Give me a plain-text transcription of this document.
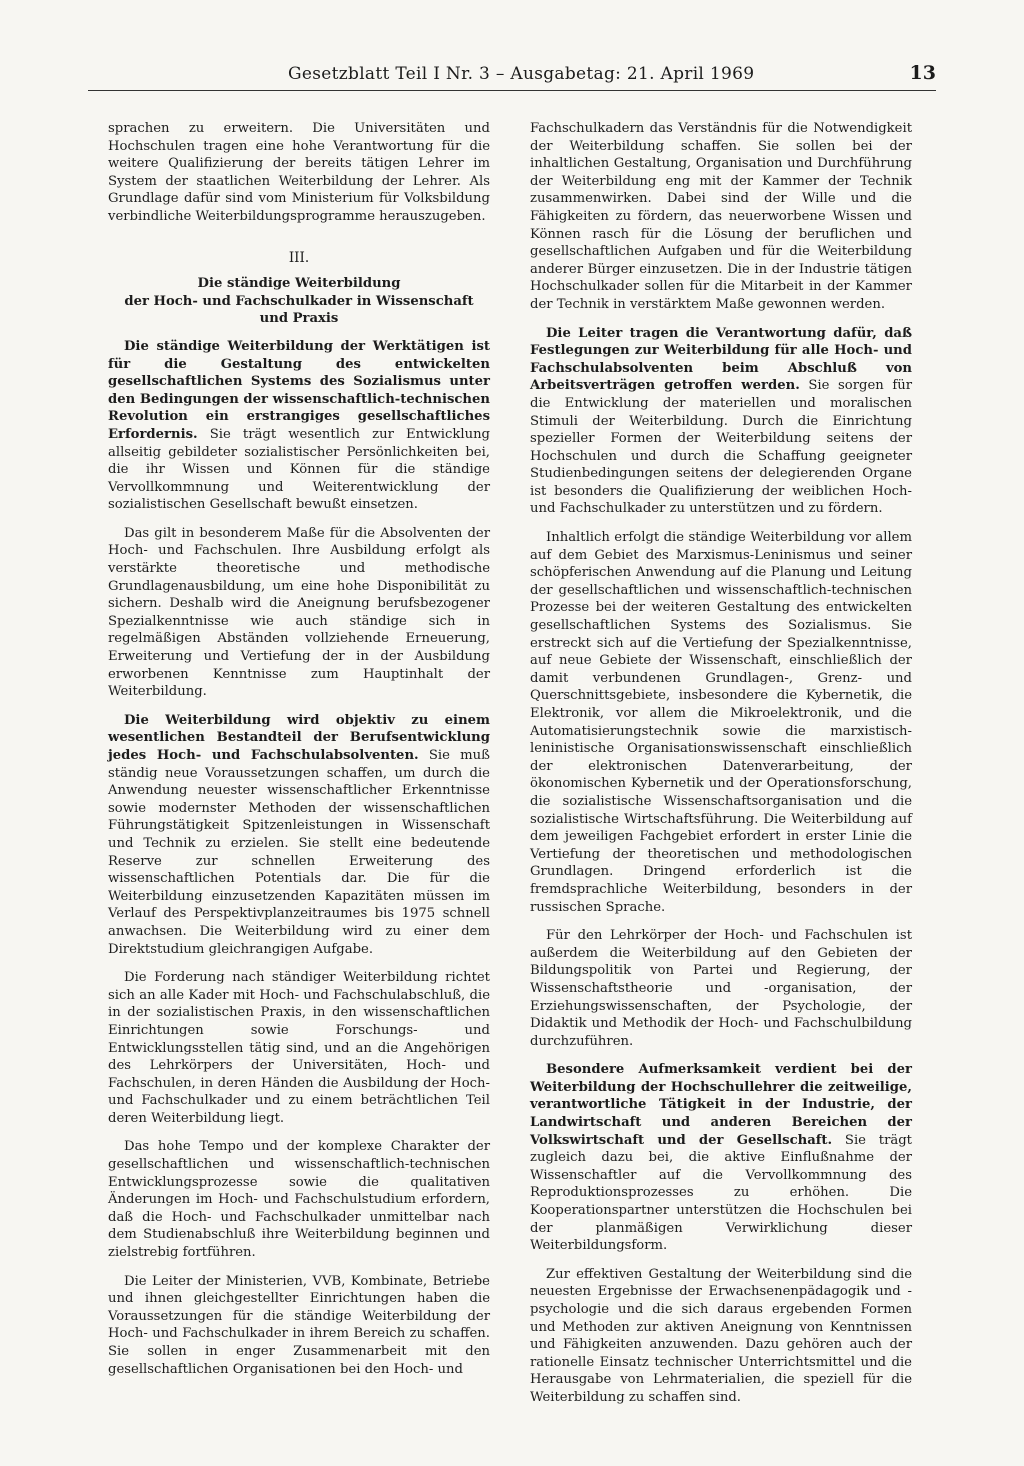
Gesetzblatt Teil I Nr. 3 – Ausgabetag: 21. April 1969	13

sprachen zu erweitern. Die Universitäten und Hochschulen tragen eine hohe Verantwortung für die weitere Qualifizierung der bereits tätigen Lehrer im System der staatlichen Weiterbildung der Lehrer. Als Grundlage dafür sind vom Ministerium für Volksbildung verbindliche Weiterbildungsprogramme herauszugeben.

III.
Die ständige Weiterbildung
der Hoch- und Fachschulkader in Wissenschaft
und Praxis

Die ständige Weiterbildung der Werktätigen ist für die Gestaltung des entwickelten gesellschaftlichen Systems des Sozialismus unter den Bedingungen der wissenschaftlich-technischen Revolution ein erstrangiges gesellschaftliches Erfordernis. Sie trägt wesentlich zur Entwicklung allseitig gebildeter sozialistischer Persönlichkeiten bei, die ihr Wissen und Können für die ständige Vervollkommnung und Weiterentwicklung der sozialistischen Gesellschaft bewußt einsetzen.

Das gilt in besonderem Maße für die Absolventen der Hoch- und Fachschulen. Ihre Ausbildung erfolgt als verstärkte theoretische und methodische Grundlagenausbildung, um eine hohe Disponibilität zu sichern. Deshalb wird die Aneignung berufsbezogener Spezialkenntnisse wie auch ständige sich in regelmäßigen Abständen vollziehende Erneuerung, Erweiterung und Vertiefung der in der Ausbildung erworbenen Kenntnisse zum Hauptinhalt der Weiterbildung.

Die Weiterbildung wird objektiv zu einem wesentlichen Bestandteil der Berufsentwicklung jedes Hoch- und Fachschulabsolventen. Sie muß ständig neue Voraussetzungen schaffen, um durch die Anwendung neuester wissenschaftlicher Erkenntnisse sowie modernster Methoden der wissenschaftlichen Führungstätigkeit Spitzenleistungen in Wissenschaft und Technik zu erzielen. Sie stellt eine bedeutende Reserve zur schnellen Erweiterung des wissenschaftlichen Potentials dar. Die für die Weiterbildung einzusetzenden Kapazitäten müssen im Verlauf des Perspektivplanzeitraumes bis 1975 schnell anwachsen. Die Weiterbildung wird zu einer dem Direktstudium gleichrangigen Aufgabe.

Die Forderung nach ständiger Weiterbildung richtet sich an alle Kader mit Hoch- und Fachschulabschluß, die in der sozialistischen Praxis, in den wissenschaftlichen Einrichtungen sowie Forschungs- und Entwicklungsstellen tätig sind, und an die Angehörigen des Lehrkörpers der Universitäten, Hoch- und Fachschulen, in deren Händen die Ausbildung der Hoch- und Fachschulkader und zu einem beträchtlichen Teil deren Weiterbildung liegt.

Das hohe Tempo und der komplexe Charakter der gesellschaftlichen und wissenschaftlich-technischen Entwicklungsprozesse sowie die qualitativen Änderungen im Hoch- und Fachschulstudium erfordern, daß die Hoch- und Fachschulkader unmittelbar nach dem Studienabschluß ihre Weiterbildung beginnen und zielstrebig fortführen.

Die Leiter der Ministerien, VVB, Kombinate, Betriebe und ihnen gleichgestellter Einrichtungen haben die Voraussetzungen für die ständige Weiterbildung der Hoch- und Fachschulkader in ihrem Bereich zu schaffen. Sie sollen in enger Zusammenarbeit mit den gesellschaftlichen Organisationen bei den Hoch- und

Fachschulkadern das Verständnis für die Notwendigkeit der Weiterbildung schaffen. Sie sollen bei der inhaltlichen Gestaltung, Organisation und Durchführung der Weiterbildung eng mit der Kammer der Technik zusammenwirken. Dabei sind der Wille und die Fähigkeiten zu fördern, das neuerworbene Wissen und Können rasch für die Lösung der beruflichen und gesellschaftlichen Aufgaben und für die Weiterbildung anderer Bürger einzusetzen. Die in der Industrie tätigen Hochschulkader sollen für die Mitarbeit in der Kammer der Technik in verstärktem Maße gewonnen werden.

Die Leiter tragen die Verantwortung dafür, daß Festlegungen zur Weiterbildung für alle Hoch- und Fachschulabsolventen beim Abschluß von Arbeitsverträgen getroffen werden. Sie sorgen für die Entwicklung der materiellen und moralischen Stimuli der Weiterbildung. Durch die Einrichtung spezieller Formen der Weiterbildung seitens der Hochschulen und durch die Schaffung geeigneter Studienbedingungen seitens der delegierenden Organe ist besonders die Qualifizierung der weiblichen Hoch- und Fachschulkader zu unterstützen und zu fördern.

Inhaltlich erfolgt die ständige Weiterbildung vor allem auf dem Gebiet des Marxismus-Leninismus und seiner schöpferischen Anwendung auf die Planung und Leitung der gesellschaftlichen und wissenschaftlich-technischen Prozesse bei der weiteren Gestaltung des entwickelten gesellschaftlichen Systems des Sozialismus. Sie erstreckt sich auf die Vertiefung der Spezialkenntnisse, auf neue Gebiete der Wissenschaft, einschließlich der damit verbundenen Grundlagen-, Grenz- und Querschnittsgebiete, insbesondere die Kybernetik, die Elektronik, vor allem die Mikroelektronik, und die Automatisierungstechnik sowie die marxistisch-leninistische Organisationswissenschaft einschließlich der elektronischen Datenverarbeitung, der ökonomischen Kybernetik und der Operationsforschung, die sozialistische Wissenschaftsorganisation und die sozialistische Wirtschaftsführung. Die Weiterbildung auf dem jeweiligen Fachgebiet erfordert in erster Linie die Vertiefung der theoretischen und methodologischen Grundlagen. Dringend erforderlich ist die fremdsprachliche Weiterbildung, besonders in der russischen Sprache.

Für den Lehrkörper der Hoch- und Fachschulen ist außerdem die Weiterbildung auf den Gebieten der Bildungspolitik von Partei und Regierung, der Wissenschaftstheorie und -organisation, der Erziehungswissenschaften, der Psychologie, der Didaktik und Methodik der Hoch- und Fachschulbildung durchzuführen.

Besondere Aufmerksamkeit verdient bei der Weiterbildung der Hochschullehrer die zeitweilige, verantwortliche Tätigkeit in der Industrie, der Landwirtschaft und anderen Bereichen der Volkswirtschaft und der Gesellschaft. Sie trägt zugleich dazu bei, die aktive Einflußnahme der Wissenschaftler auf die Vervollkommnung des Reproduktionsprozesses zu erhöhen. Die Kooperationspartner unterstützen die Hochschulen bei der planmäßigen Verwirklichung dieser Weiterbildungsform.

Zur effektiven Gestaltung der Weiterbildung sind die neuesten Ergebnisse der Erwachsenenpädagogik und -psychologie und die sich daraus ergebenden Formen und Methoden zur aktiven Aneignung von Kenntnissen und Fähigkeiten anzuwenden. Dazu gehören auch der rationelle Einsatz technischer Unterrichtsmittel und die Herausgabe von Lehrmaterialien, die speziell für die Weiterbildung zu schaffen sind.
